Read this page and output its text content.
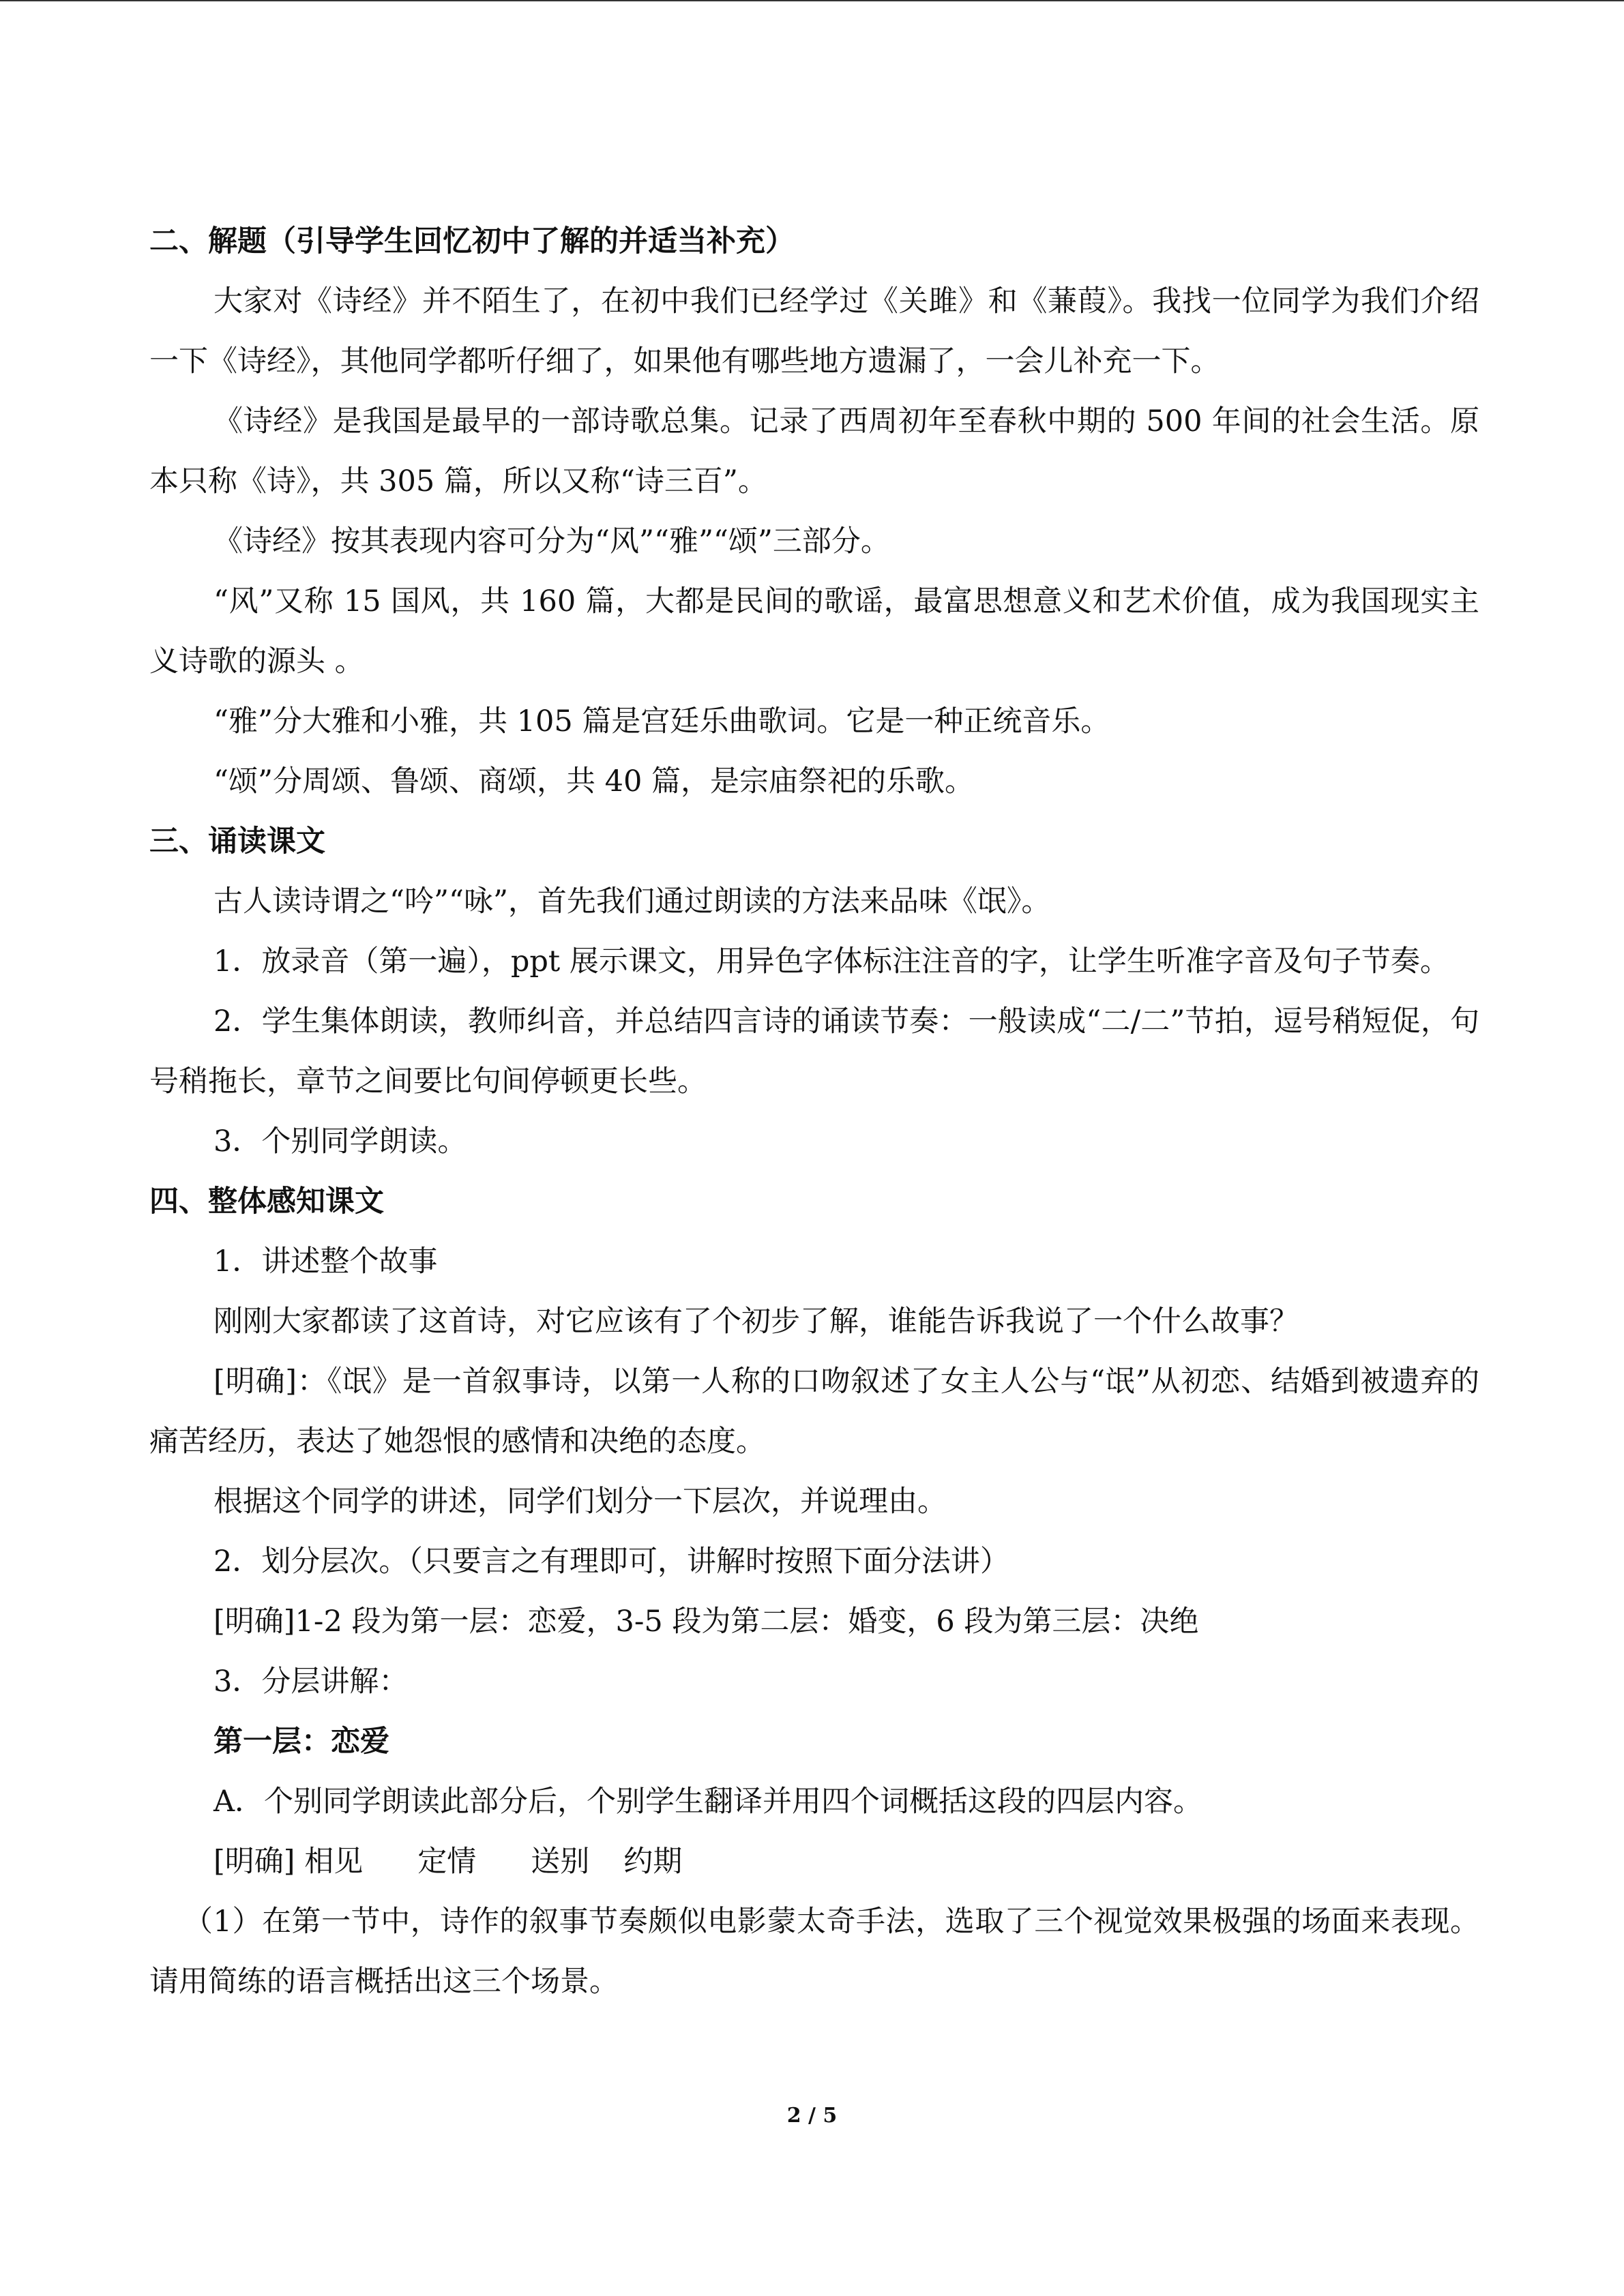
二、解题（引导学生回忆初中了解的并适当补充）

大家对《诗经》并不陌生了，在初中我们已经学过《关雎》和《蒹葭》。我找一位同学为我们介绍一下《诗经》，其他同学都听仔细了，如果他有哪些地方遗漏了，一会儿补充一下。

《诗经》是我国是最早的一部诗歌总集。记录了西周初年至春秋中期的 500 年间的社会生活。原本只称《诗》，共 305 篇，所以又称“诗三百”。

《诗经》按其表现内容可分为“风”“雅”“颂”三部分。

“风”又称 15 国风，共 160 篇，大都是民间的歌谣，最富思想意义和艺术价值，成为我国现实主义诗歌的源头 。

“雅”分大雅和小雅，共 105 篇是宫廷乐曲歌词。它是一种正统音乐。

“颂”分周颂、鲁颂、商颂，共 40 篇，是宗庙祭祀的乐歌。

三、诵读课文

古人读诗谓之“吟”“咏”，首先我们通过朗读的方法来品味《氓》。

1．放录音（第一遍），ppt 展示课文，用异色字体标注注音的字，让学生听准字音及句子节奏。

2．学生集体朗读，教师纠音，并总结四言诗的诵读节奏：一般读成“二/二”节拍，逗号稍短促，句号稍拖长，章节之间要比句间停顿更长些。

3．个别同学朗读。

四、整体感知课文

1．讲述整个故事

刚刚大家都读了这首诗，对它应该有了个初步了解，谁能告诉我说了一个什么故事？

[明确]：《氓》是一首叙事诗，以第一人称的口吻叙述了女主人公与“氓”从初恋、结婚到被遗弃的痛苦经历，表达了她怨恨的感情和决绝的态度。

根据这个同学的讲述，同学们划分一下层次，并说理由。

2．划分层次。（只要言之有理即可，讲解时按照下面分法讲）

[明确]1-2 段为第一层：恋爱，3-5 段为第二层：婚变，6 段为第三层：决绝

3．分层讲解：

第一层：恋爱

A．个别同学朗读此部分后，个别学生翻译并用四个词概括这段的四层内容。

[明确] 相见 定情 送别 约期

（1）在第一节中，诗作的叙事节奏颇似电影蒙太奇手法，选取了三个视觉效果极强的场面来表现。请用简练的语言概括出这三个场景。

2 / 5
